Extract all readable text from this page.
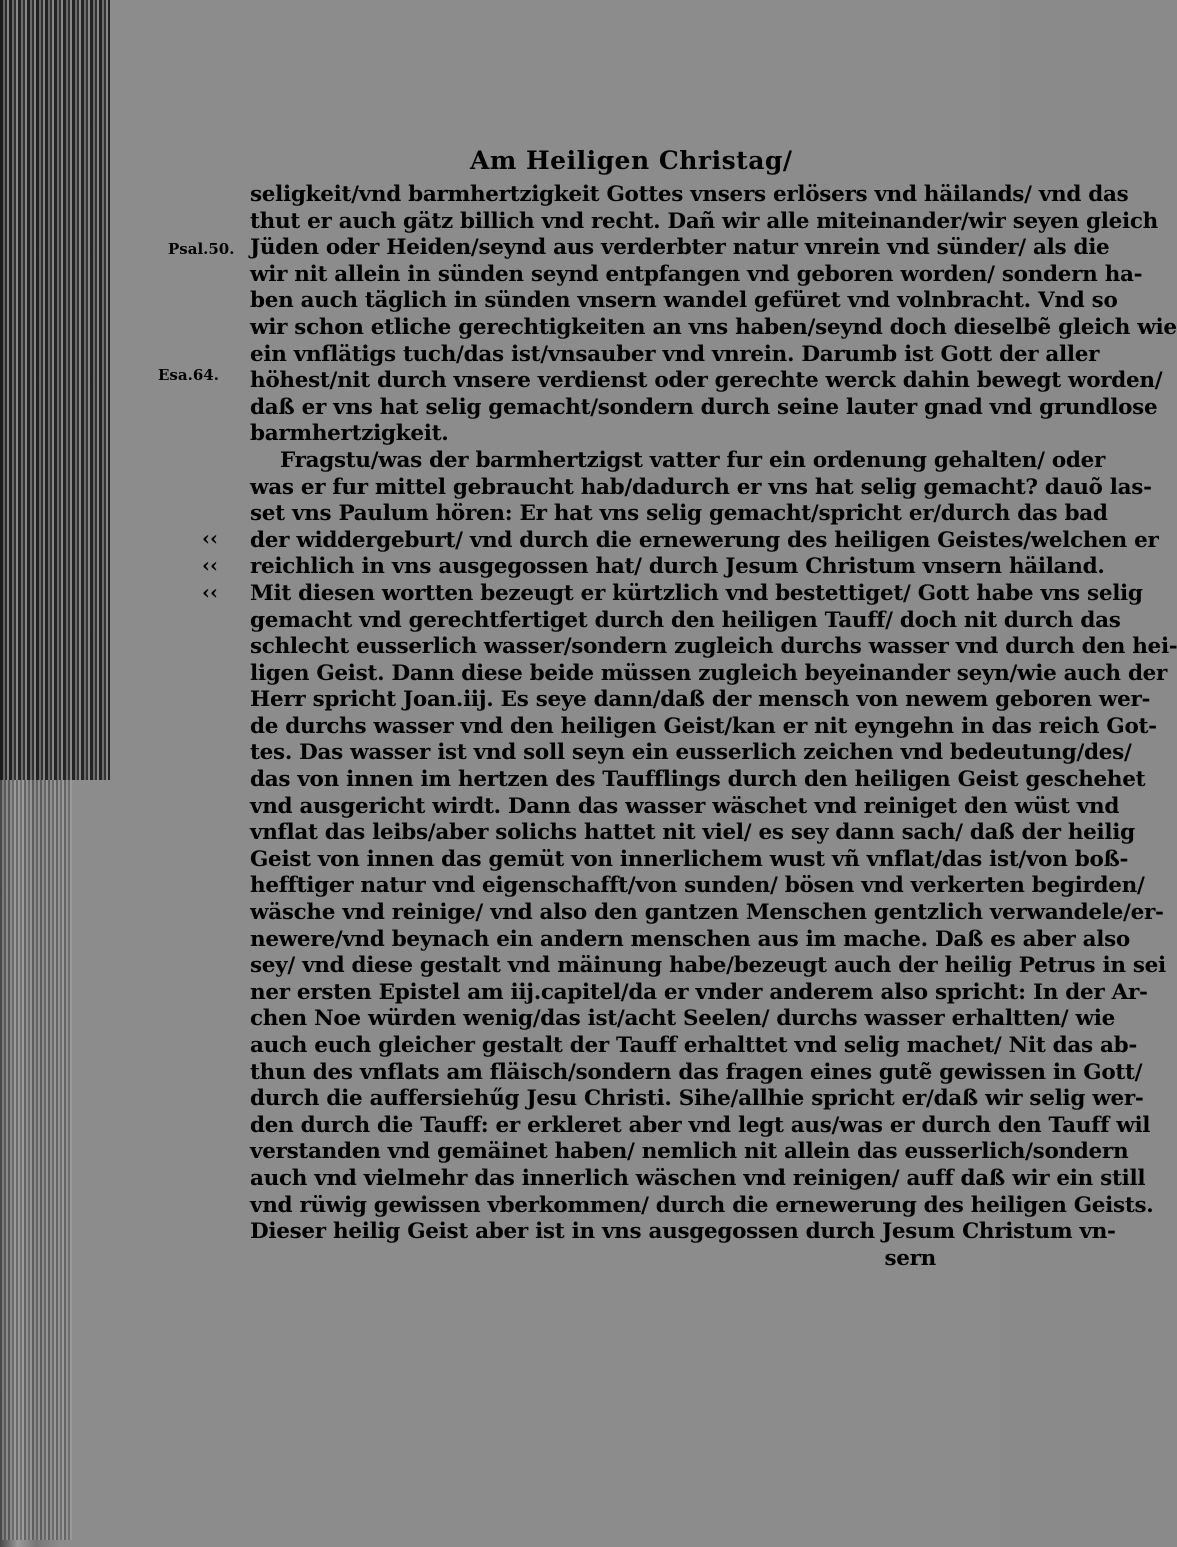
Am Heiligen Christag/
Psal.50.
Esa.64.
‹‹
‹‹
‹‹
seligkeit/vnd barmhertzigkeit Gottes vnsers erlösers vnd häilands/ vnd das
thut er auch gätz billich vnd recht. Dañ wir alle miteinander/wir seyen gleich
Jüden oder Heiden/seynd aus verderbter natur vnrein vnd sünder/ als die
wir nit allein in sünden seynd entpfangen vnd geboren worden/ sondern ha-
ben auch täglich in sünden vnsern wandel gefüret vnd volnbracht. Vnd so
wir schon etliche gerechtigkeiten an vns haben/seynd doch dieselbẽ gleich wie
ein vnflätigs tuch/das ist/vnsauber vnd vnrein. Darumb ist Gott der aller
höhest/nit durch vnsere verdienst oder gerechte werck dahin bewegt worden/
daß er vns hat selig gemacht/sondern durch seine lauter gnad vnd grundlose
barmhertzigkeit.
Fragstu/was der barmhertzigst vatter fur ein ordenung gehalten/ oder
was er fur mittel gebraucht hab/dadurch er vns hat selig gemacht? dauõ las-
set vns Paulum hören: Er hat vns selig gemacht/spricht er/durch das bad
der widdergeburt/ vnd durch die ernewerung des heiligen Geistes/welchen er
reichlich in vns ausgegossen hat/ durch Jesum Christum vnsern häiland.
Mit diesen wortten bezeugt er kürtzlich vnd bestettiget/ Gott habe vns selig
gemacht vnd gerechtfertiget durch den heiligen Tauff/ doch nit durch das
schlecht eusserlich wasser/sondern zugleich durchs wasser vnd durch den hei-
ligen Geist. Dann diese beide müssen zugleich beyeinander seyn/wie auch der
Herr spricht Joan.iij. Es seye dann/daß der mensch von newem geboren wer-
de durchs wasser vnd den heiligen Geist/kan er nit eyngehn in das reich Got-
tes. Das wasser ist vnd soll seyn ein eusserlich zeichen vnd bedeutung/des/
das von innen im hertzen des Taufflings durch den heiligen Geist geschehet
vnd ausgericht wirdt. Dann das wasser wäschet vnd reiniget den wüst vnd
vnflat das leibs/aber solichs hattet nit viel/ es sey dann sach/ daß der heilig
Geist von innen das gemüt von innerlichem wust vñ vnflat/das ist/von boß-
hefftiger natur vnd eigenschafft/von sunden/ bösen vnd verkerten begirden/
wäsche vnd reinige/ vnd also den gantzen Menschen gentzlich verwandele/er-
newere/vnd beynach ein andern menschen aus im mache. Daß es aber also
sey/ vnd diese gestalt vnd mäinung habe/bezeugt auch der heilig Petrus in sei
ner ersten Epistel am iij.capitel/da er vnder anderem also spricht: In der Ar-
chen Noe würden wenig/das ist/acht Seelen/ durchs wasser erhaltten/ wie
auch euch gleicher gestalt der Tauff erhalttet vnd selig machet/ Nit das ab-
thun des vnflats am fläisch/sondern das fragen eines gutẽ gewissen in Gott/
durch die auffersiehűg Jesu Christi. Sihe/allhie spricht er/daß wir selig wer-
den durch die Tauff: er erkleret aber vnd legt aus/was er durch den Tauff wil
verstanden vnd gemäinet haben/ nemlich nit allein das eusserlich/sondern
auch vnd vielmehr das innerlich wäschen vnd reinigen/ auff daß wir ein still
vnd rüwig gewissen vberkommen/ durch die ernewerung des heiligen Geists.
Dieser heilig Geist aber ist in vns ausgegossen durch Jesum Christum vn-
sern
